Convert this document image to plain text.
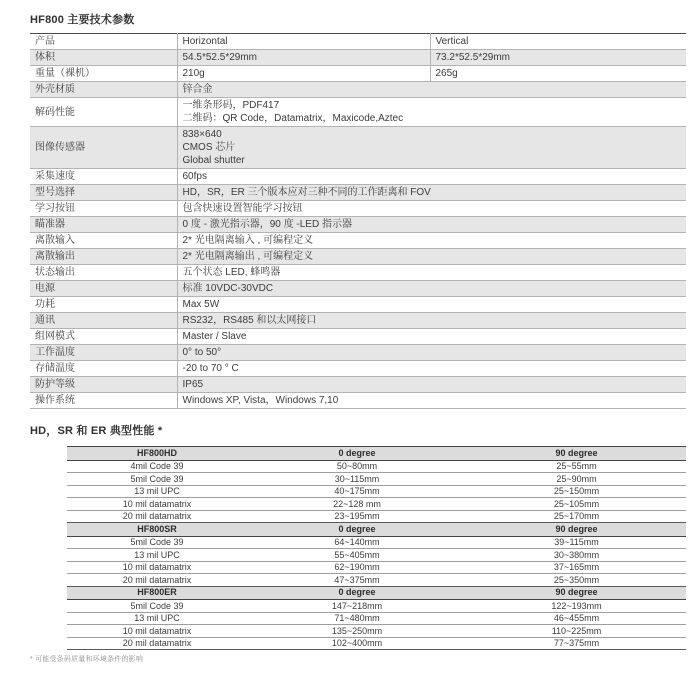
HF800 主要技术参数
产品	Horizontal	Vertical
体积	54.5*52.5*29mm	73.2*52.5*29mm
重量（裸机）	210g	265g
外壳材质	锌合金	
解码性能	一维条形码，PDF417
二维码：QR Code，Datamatrix，Maxicode,Aztec	

图像传感器	838×640
CMOS 芯片
Global shutter	

采集速度	60fps	
型号选择	HD，SR，ER 三个版本应对三种不同的工作距离和 FOV	
学习按钮	包含快速设置智能学习按钮	
瞄准器	0 度 - 激光指示器，90 度 -LED 指示器	
离散输入	2* 光电隔离输入 , 可编程定义	
离散输出	2* 光电隔离输出 , 可编程定义	
状态输出	五个状态 LED, 蜂鸣器	
电源	标准 10VDC-30VDC	
功耗	Max 5W	
通讯	RS232，RS485 和以太网接口	
组网模式	Master / Slave	
工作温度	0° to 50°	
存储温度	-20 to 70 ° C	
防护等级	IP65	
操作系统	Windows XP, Vista，Windows 7,10	
HD，SR 和 ER 典型性能 *
HF800HD	0 degree	90 degree
4mil Code 39	50~80mm	25~55mm
5mil Code 39	30~115mm	25~90mm
13 mil UPC	40~175mm	25~150mm
10 mil datamatrix	22~128 mm	25~105mm
20 mil datamatrix	23~195mm	25~170mm
HF800SR	0 degree	90 degree
5mil Code 39	64~140mm	39~115mm
13 mil UPC	55~405mm	30~380mm
10 mil datamatrix	62~190mm	37~165mm
20 mil datamatrix	47~375mm	25~350mm
HF800ER	0 degree	90 degree
5mil Code 39	147~218mm	122~193mm
13 mil UPC	71~480mm	46~455mm
10 mil datamatrix	135~250mm	110~225mm
20 mil datamatrix	102~400mm	77~375mm
* 可能受条码质量和环境条件的影响
